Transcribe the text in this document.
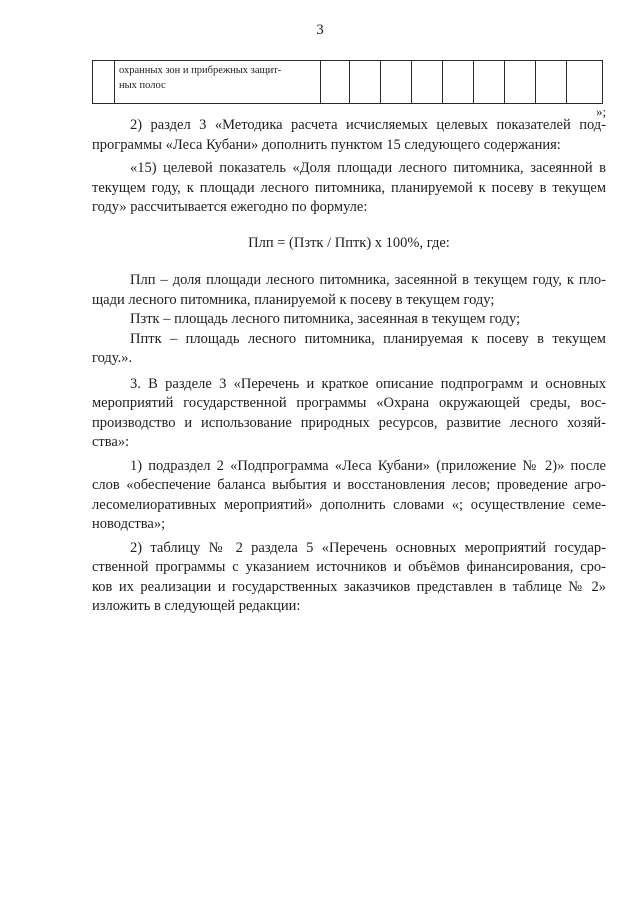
3

охранных зон и прибрежных защит-
ных полос

»;
2) раздел 3 «Методика расчета исчисляемых целевых показателей под-
программы «Леса Кубани» дополнить пунктом 15 следующего содержания:
«15) целевой показатель «Доля площади лесного питомника, засеянной в
текущем году, к площади лесного питомника, планируемой к посеву в текущем
году» рассчитывается ежегодно по формуле:
Плп = (Пзтк / Пптк) х 100%, где:
Плп – доля площади лесного питомника, засеянной в текущем году, к пло-
щади лесного питомника, планируемой к посеву в текущем году;
Пзтк – площадь лесного питомника, засеянная в текущем году;
Пптк – площадь лесного питомника, планируемая к посеву в текущем
году.».
3. В разделе 3 «Перечень и краткое описание подпрограмм и основных
мероприятий государственной программы «Охрана окружающей среды, вос-
производство и использование природных ресурсов, развитие лесного хозяй-
ства»:
1) подраздел 2 «Подпрограмма «Леса Кубани» (приложение № 2)» после
слов «обеспечение баланса выбытия и восстановления лесов; проведение агро-
лесомелиоративных мероприятий» дополнить словами «; осуществление семе-
новодства»;
2) таблицу № 2 раздела 5 «Перечень основных мероприятий государ-
ственной программы с указанием источников и объёмов финансирования, сро-
ков их реализации и государственных заказчиков представлен в таблице № 2»
изложить в следующей редакции:
